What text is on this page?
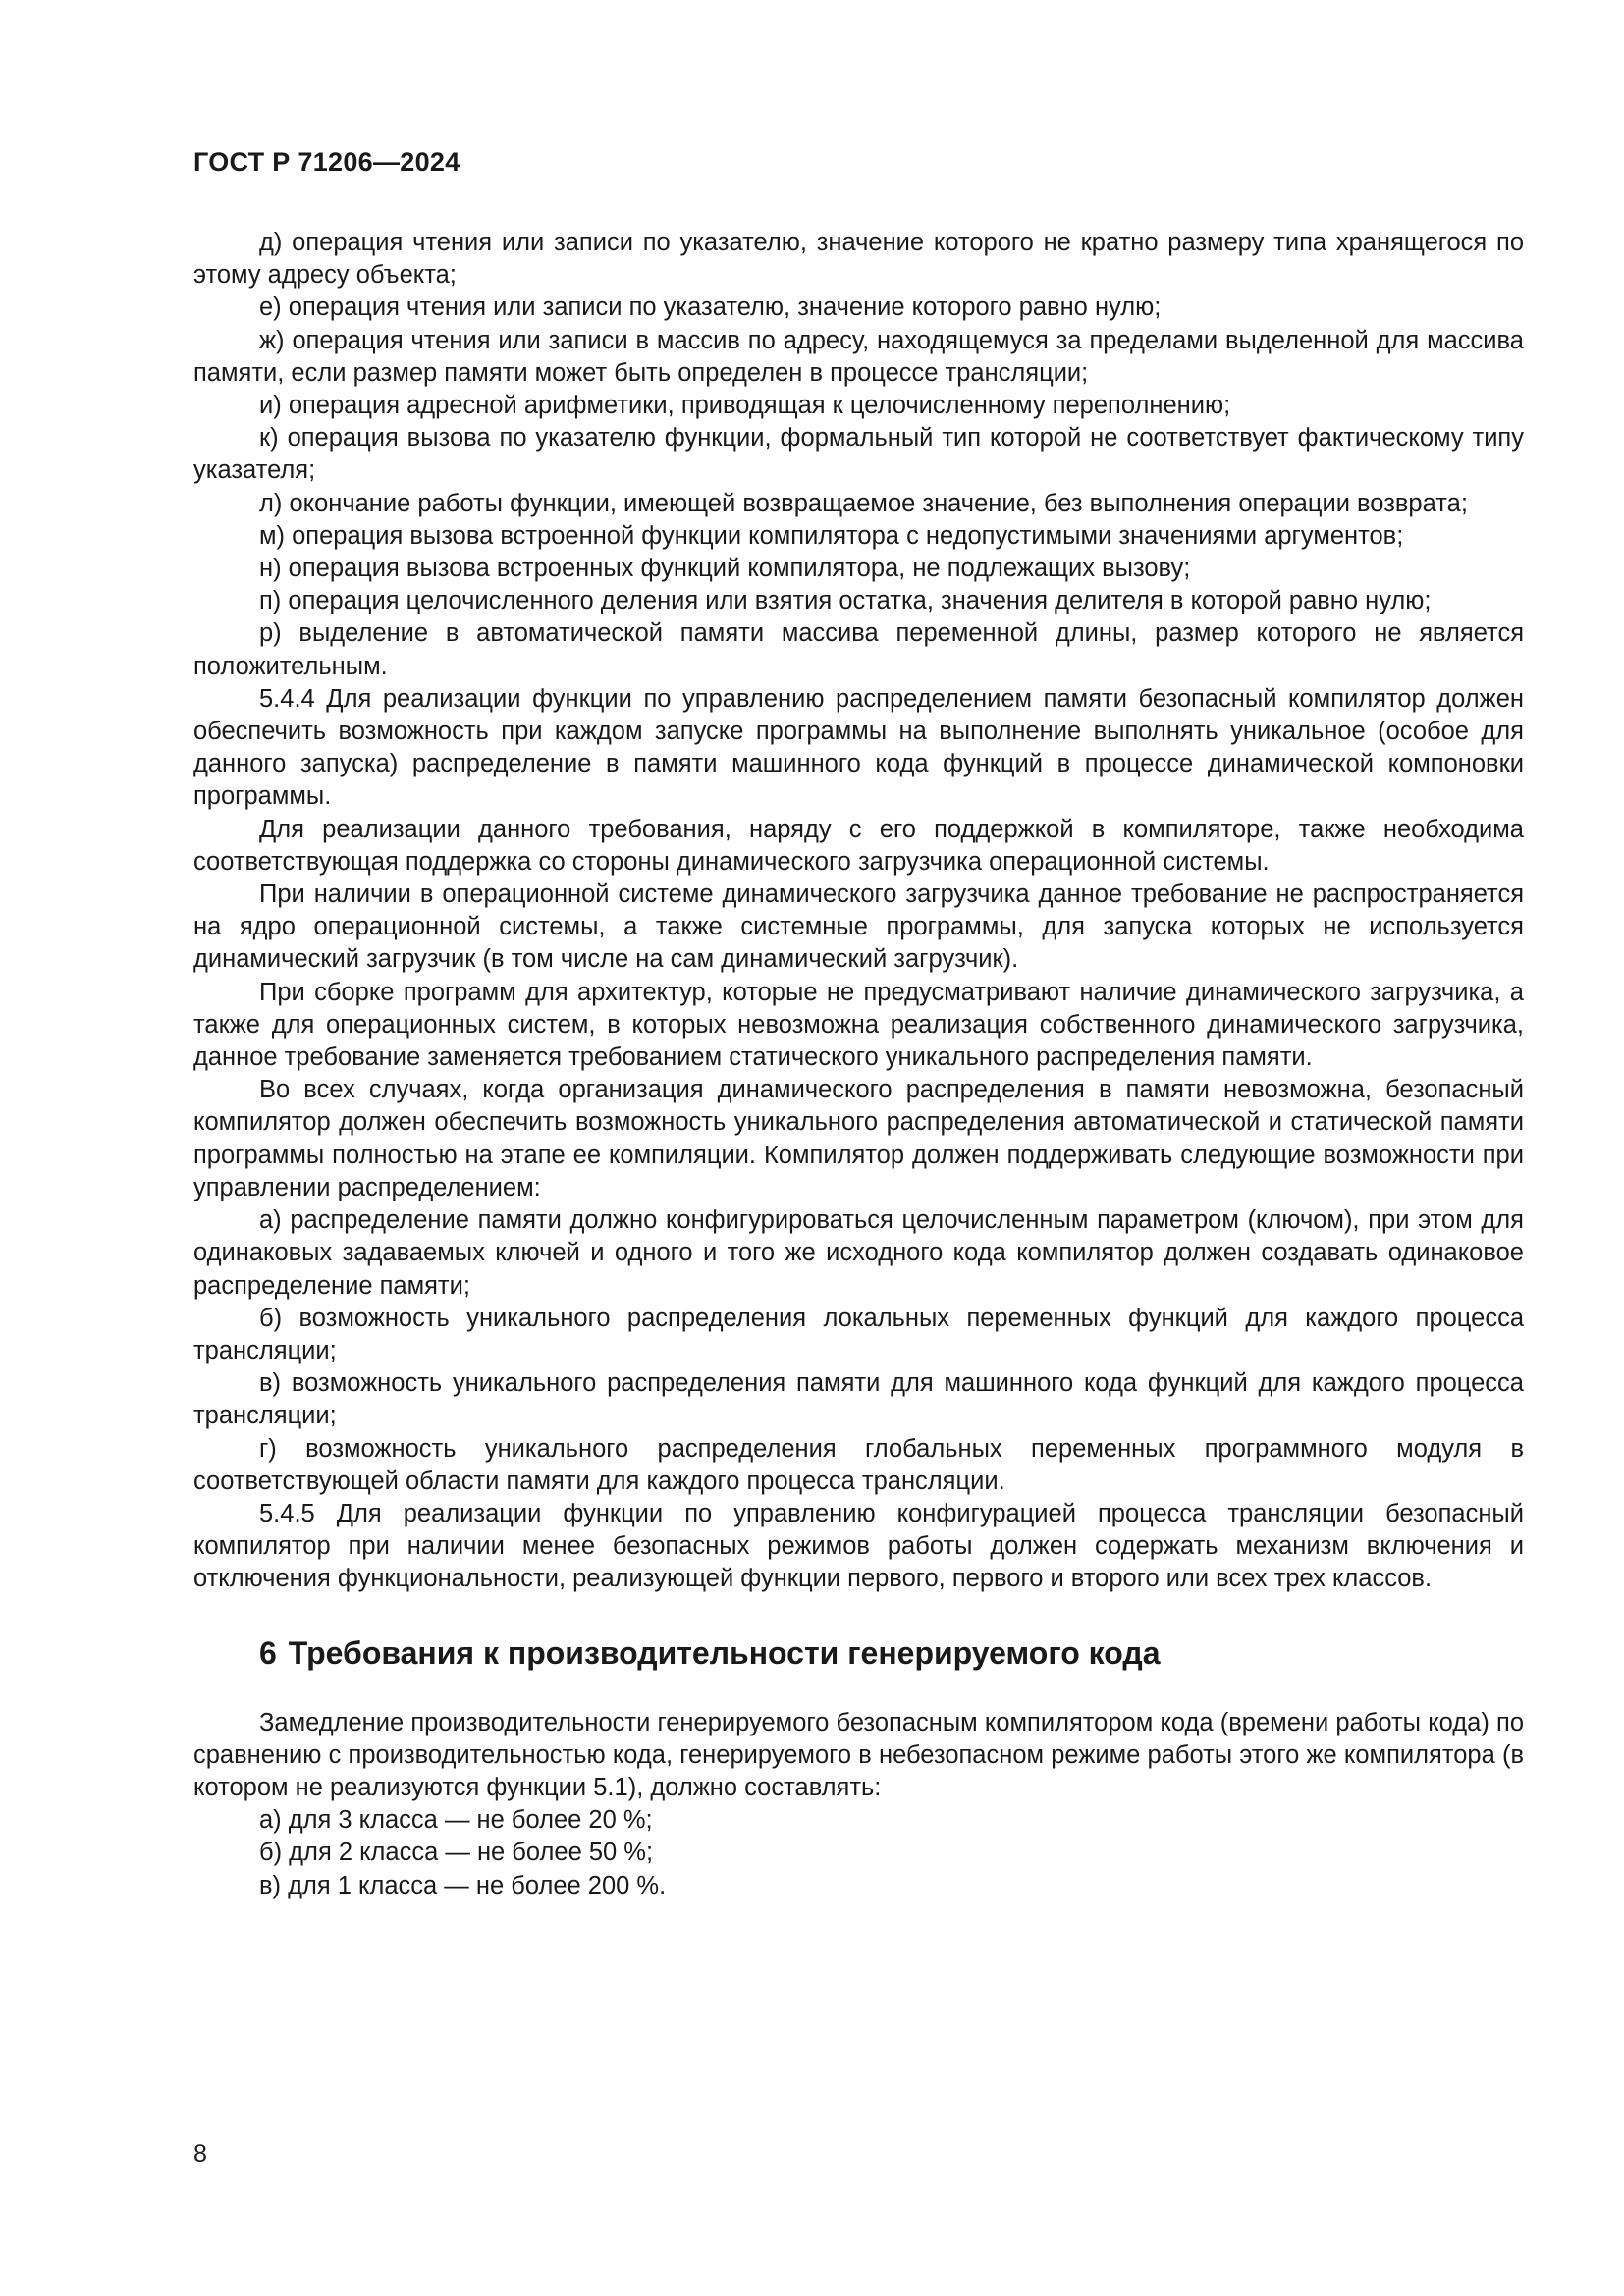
ГОСТ Р 71206—2024

д) операция чтения или записи по указателю, значение которого не кратно размеру типа хранящегося по этому адресу объекта;

е) операция чтения или записи по указателю, значение которого равно нулю;

ж) операция чтения или записи в массив по адресу, находящемуся за пределами выделенной для массива памяти, если размер памяти может быть определен в процессе трансляции;

и) операция адресной арифметики, приводящая к целочисленному переполнению;

к) операция вызова по указателю функции, формальный тип которой не соответствует фактическому типу указателя;

л) окончание работы функции, имеющей возвращаемое значение, без выполнения операции возврата;

м) операция вызова встроенной функции компилятора с недопустимыми значениями аргументов;

н) операция вызова встроенных функций компилятора, не подлежащих вызову;

п) операция целочисленного деления или взятия остатка, значения делителя в которой равно нулю;

р) выделение в автоматической памяти массива переменной длины, размер которого не является положительным.

5.4.4 Для реализации функции по управлению распределением памяти безопасный компилятор должен обеспечить возможность при каждом запуске программы на выполнение выполнять уникальное (особое для данного запуска) распределение в памяти машинного кода функций в процессе динамической компоновки программы.

Для реализации данного требования, наряду с его поддержкой в компиляторе, также необходима соответствующая поддержка со стороны динамического загрузчика операционной системы.

При наличии в операционной системе динамического загрузчика данное требование не распространяется на ядро операционной системы, а также системные программы, для запуска которых не используется динамический загрузчик (в том числе на сам динамический загрузчик).

При сборке программ для архитектур, которые не предусматривают наличие динамического загрузчика, а также для операционных систем, в которых невозможна реализация собственного динамического загрузчика, данное требование заменяется требованием статического уникального распределения памяти.

Во всех случаях, когда организация динамического распределения в памяти невозможна, безопасный компилятор должен обеспечить возможность уникального распределения автоматической и статической памяти программы полностью на этапе ее компиляции. Компилятор должен поддерживать следующие возможности при управлении распределением:

а) распределение памяти должно конфигурироваться целочисленным параметром (ключом), при этом для одинаковых задаваемых ключей и одного и того же исходного кода компилятор должен создавать одинаковое распределение памяти;

б) возможность уникального распределения локальных переменных функций для каждого процесса трансляции;

в) возможность уникального распределения памяти для машинного кода функций для каждого процесса трансляции;

г) возможность уникального распределения глобальных переменных программного модуля в соответствующей области памяти для каждого процесса трансляции.

5.4.5 Для реализации функции по управлению конфигурацией процесса трансляции безопасный компилятор при наличии менее безопасных режимов работы должен содержать механизм включения и отключения функциональности, реализующей функции первого, первого и второго или всех трех классов.

6 Требования к производительности генерируемого кода

Замедление производительности генерируемого безопасным компилятором кода (времени работы кода) по сравнению с производительностью кода, генерируемого в небезопасном режиме работы этого же компилятора (в котором не реализуются функции 5.1), должно составлять:

а) для 3 класса — не более 20 %;

б) для 2 класса — не более 50 %;

в) для 1 класса — не более 200 %.

8
